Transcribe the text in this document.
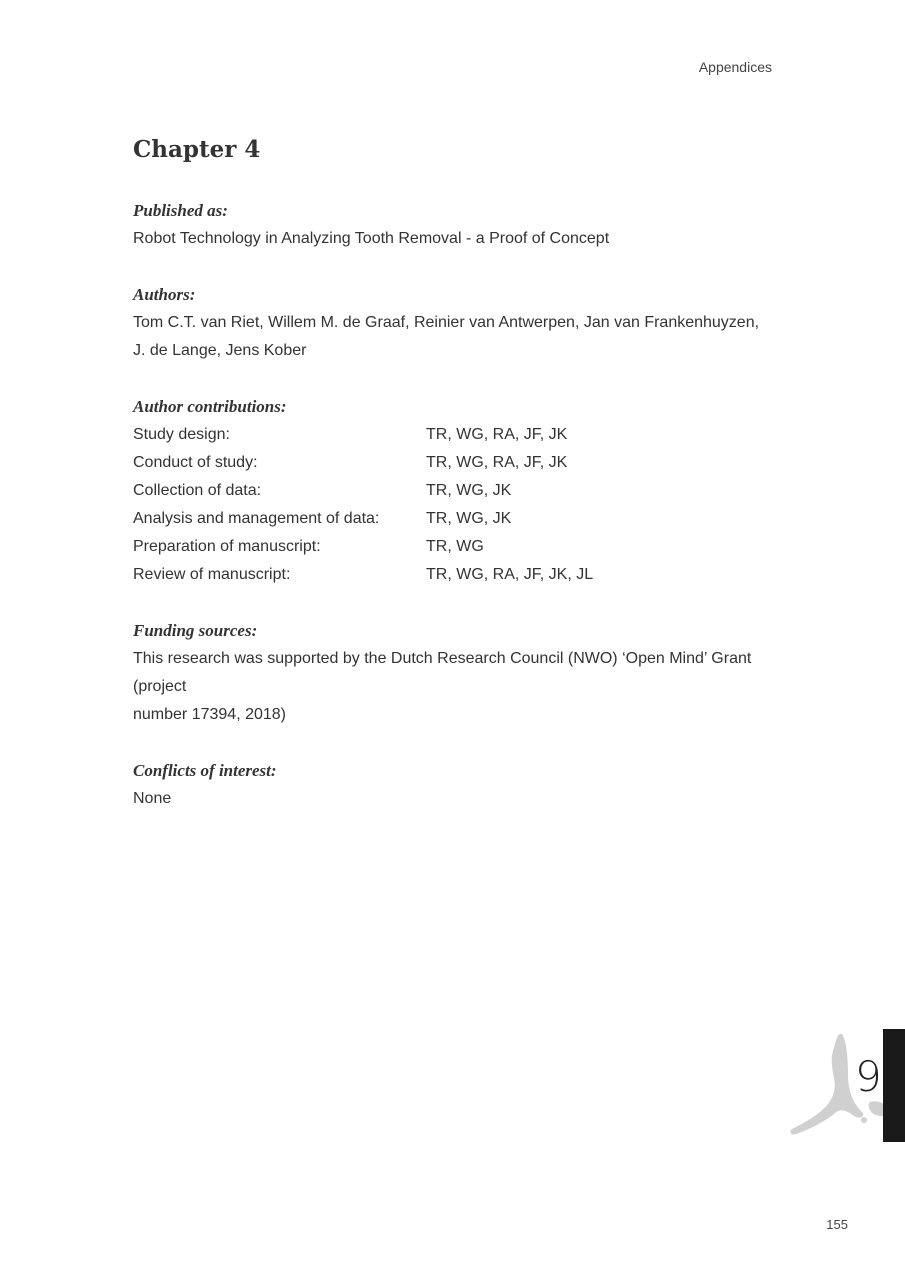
Appendices
Chapter 4

Published as:

Robot Technology in Analyzing Tooth Removal - a Proof of Concept

Authors:

Tom C.T. van Riet, Willem M. de Graaf, Reinier van Antwerpen, Jan van Frankenhuyzen,

J. de Lange, Jens Kober

Author contributions:

Study design:	TR, WG, RA, JF, JK
Conduct of study:	TR, WG, RA, JF, JK
Collection of data:	TR, WG, JK
Analysis and management of data:	TR, WG, JK
Preparation of manuscript:	TR, WG
Review of manuscript:	TR, WG, RA, JF, JK, JL

Funding sources:

This research was supported by the Dutch Research Council (NWO) ‘Open Mind’ Grant

(project

number 17394, 2018)

Conflicts of interest:

None

9
155
